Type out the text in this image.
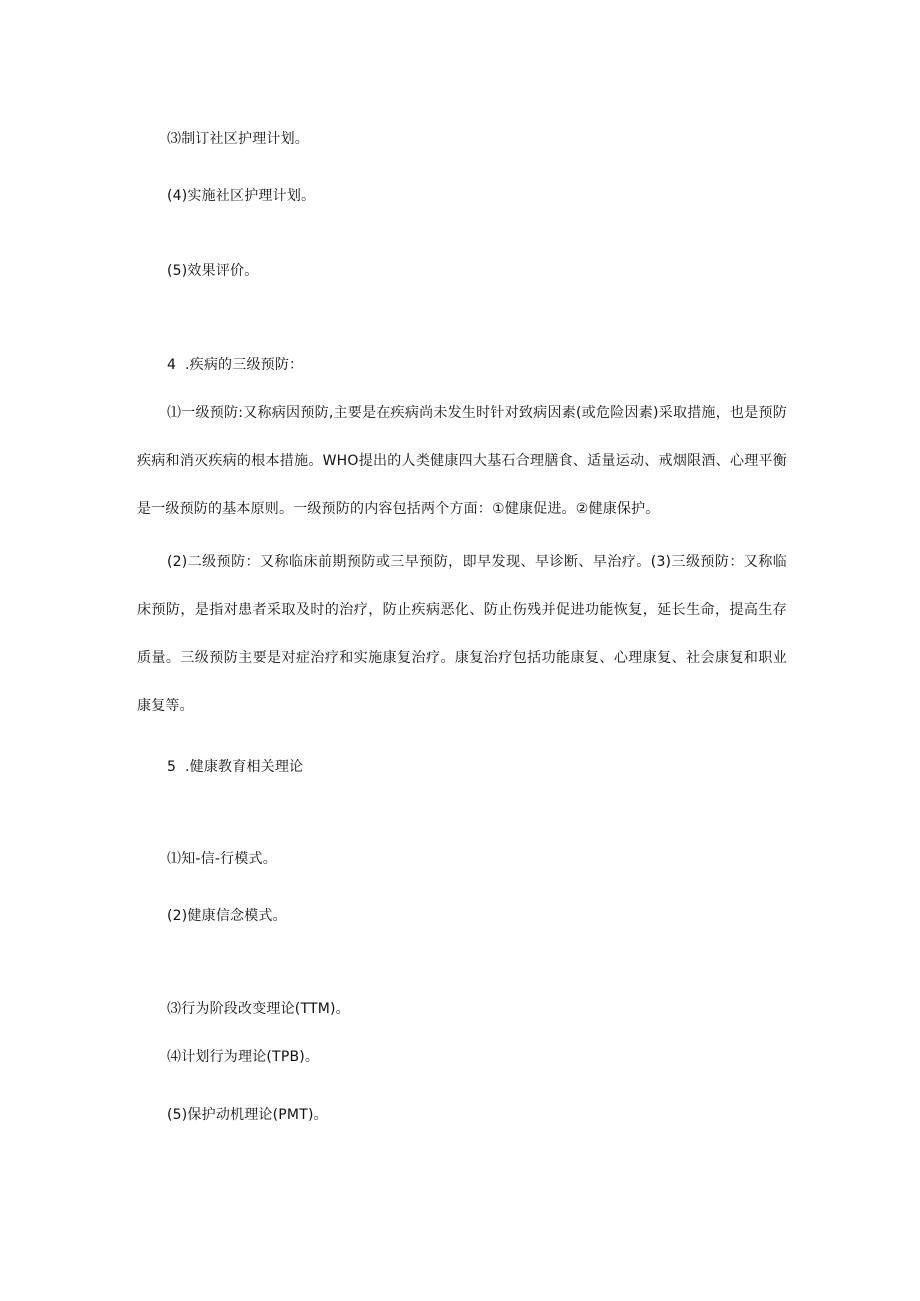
⑶制订社区护理计划。
(4)实施社区护理计划。
(5)效果评价。
4 .疾病的三级预防：
⑴一级预防:又称病因预防,主要是在疾病尚未发生时针对致病因素(或危险因素)采取措施，也是预防疾病和消灭疾病的根本措施。WHO提出的人类健康四大基石合理膳食、适量运动、戒烟限酒、心理平衡是一级预防的基本原则。一级预防的内容包括两个方面：①健康促进。②健康保护。
(2)二级预防：又称临床前期预防或三早预防，即早发现、早诊断、早治疗。(3)三级预防：又称临床预防，是指对患者采取及时的治疗，防止疾病恶化、防止伤残并促进功能恢复，延长生命，提高生存质量。三级预防主要是对症治疗和实施康复治疗。康复治疗包括功能康复、心理康复、社会康复和职业康复等。
5 .健康教育相关理论
⑴知-信-行模式。
(2)健康信念模式。
⑶行为阶段改变理论(TTM)。
⑷计划行为理论(TPB)。
(5)保护动机理论(PMT)。
